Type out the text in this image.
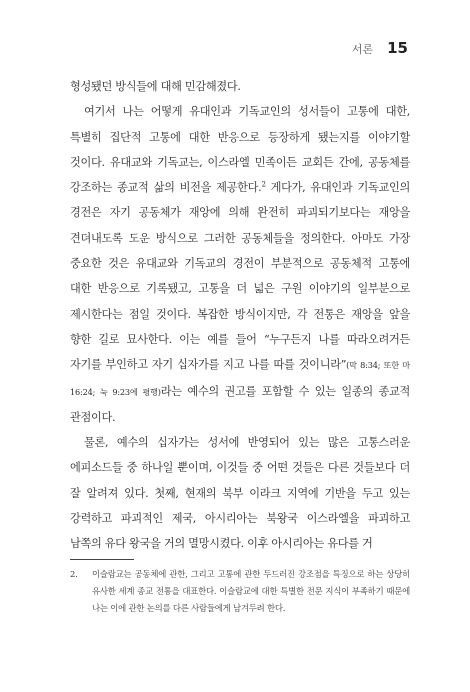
서론 15

형성됐던 방식들에 대해 민감해졌다.

여기서 나는 어떻게 유대인과 기독교인의 성서들이 고통에 대한, 특별히 집단적 고통에 대한 반응으로 등장하게 됐는지를 이야기할 것이다. 유대교와 기독교는, 이스라엘 민족이든 교회든 간에, 공동체를 강조하는 종교적 삶의 비전을 제공한다.$^2$ 게다가, 유대인과 기독교인의 경전은 자기 공동체가 재앙에 의해 완전히 파괴되기보다는 재앙을 견뎌내도록 도운 방식으로 그러한 공동체들을 정의한다. 아마도 가장 중요한 것은 유대교와 기독교의 경전이 부분적으로 공동체적 고통에 대한 반응으로 기록됐고, 고통을 더 넓은 구원 이야기의 일부분으로 제시한다는 점일 것이다. 복잡한 방식이지만, 각 전통은 재앙을 앞을 향한 길로 묘사한다. 이는 예를 들어 “누구든지 나를 따라오려거든 자기를 부인하고 자기 십자가를 지고 나를 따를 것이니라”(막 8:34; 또한 마 16:24; 눅 9:23에 평행)라는 예수의 권고를 포함할 수 있는 일종의 종교적 관점이다.

물론, 예수의 십자가는 성서에 반영되어 있는 많은 고통스러운 에피소드들 중 하나일 뿐이며, 이것들 중 어떤 것들은 다른 것들보다 더 잘 알려져 있다. 첫째, 현재의 북부 이라크 지역에 기반을 두고 있는 강력하고 파괴적인 제국, 아시리아는 북왕국 이스라엘을 파괴하고 남쪽의 유다 왕국을 거의 멸망시켰다. 이후 아시리아는 유다를 거

2.	이슬람교는 공동체에 관한, 그리고 고통에 관한 두드러진 강조점을 특징으로 하는 상당히 유사한 세계 종교 전통을 대표한다. 이슬람교에 대한 특별한 전문 지식이 부족하기 때문에 나는 이에 관한 논의를 다른 사람들에게 남겨두려 한다.
